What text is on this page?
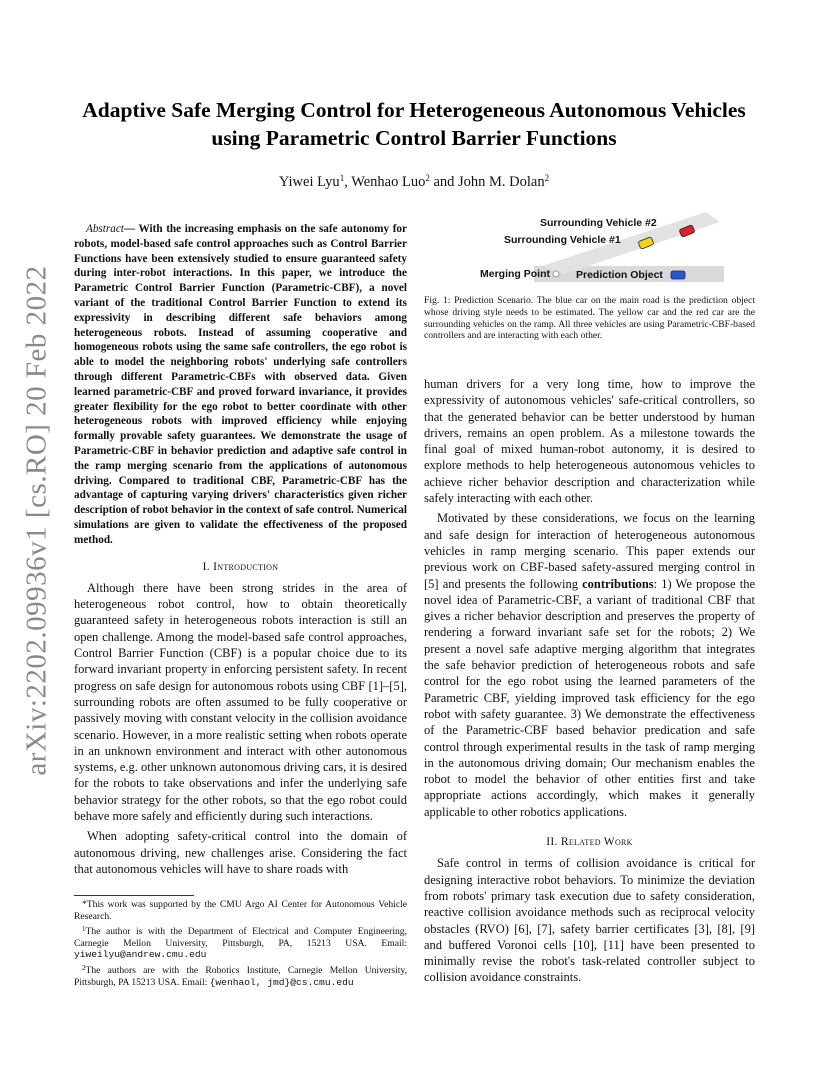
arXiv:2202.09936v1 [cs.RO] 20 Feb 2022
Adaptive Safe Merging Control for Heterogeneous Autonomous Vehicles
using Parametric Control Barrier Functions
Yiwei Lyu$^1$, Wenhao Luo$^2$ and John M. Dolan$^2$

Abstract— With the increasing emphasis on the safe autonomy for robots, model-based safe control approaches such as Control Barrier Functions have been extensively studied to ensure guaranteed safety during inter-robot interactions. In this paper, we introduce the Parametric Control Barrier Function (Parametric-CBF), a novel variant of the traditional Control Barrier Function to extend its expressivity in describing different safe behaviors among heterogeneous robots. Instead of assuming cooperative and homogeneous robots using the same safe controllers, the ego robot is able to model the neighboring robots' underlying safe controllers through different Parametric-CBFs with observed data. Given learned parametric-CBF and proved forward invariance, it provides greater flexibility for the ego robot to better coordinate with other heterogeneous robots with improved efficiency while enjoying formally provable safety guarantees. We demonstrate the usage of Parametric-CBF in behavior prediction and adaptive safe control in the ramp merging scenario from the applications of autonomous driving. Compared to traditional CBF, Parametric-CBF has the advantage of capturing varying drivers' characteristics given richer description of robot behavior in the context of safe control. Numerical simulations are given to validate the effectiveness of the proposed method.

I. Introduction

Although there have been strong strides in the area of heterogeneous robot control, how to obtain theoretically guaranteed safety in heterogeneous robots interaction is still an open challenge. Among the model-based safe control approaches, Control Barrier Function (CBF) is a popular choice due to its forward invariant property in enforcing persistent safety. In recent progress on safe design for autonomous robots using CBF [1]–[5], surrounding robots are often assumed to be fully cooperative or passively moving with constant velocity in the collision avoidance scenario. However, in a more realistic setting when robots operate in an unknown environment and interact with other autonomous systems, e.g. other unknown autonomous driving cars, it is desired for the robots to take observations and infer the underlying safe behavior strategy for the other robots, so that the ego robot could behave more safely and efficiently during such interactions.

When adopting safety-critical control into the domain of autonomous driving, new challenges arise. Considering the fact that autonomous vehicles will have to share roads with

*This work was supported by the CMU Argo AI Center for Autonomous Vehicle Research.

$^1$The author is with the Department of Electrical and Computer Engineering, Carnegie Mellon University, Pittsburgh, PA, 15213 USA. Email: yiweilyu@andrew.cmu.edu

$^2$The authors are with the Robotics Institute, Carnegie Mellon University, Pittsburgh, PA 15213 USA. Email: {wenhaol, jmd}@cs.cmu.edu

Surrounding Vehicle #2
Surrounding Vehicle #1
Merging Point Prediction Object
Fig. 1: Prediction Scenario. The blue car on the main road is the prediction object whose driving style needs to be estimated. The yellow car and the red car are the surrounding vehicles on the ramp. All three vehicles are using Parametric-CBF-based controllers and are interacting with each other.

human drivers for a very long time, how to improve the expressivity of autonomous vehicles' safe-critical controllers, so that the generated behavior can be better understood by human drivers, remains an open problem. As a milestone towards the final goal of mixed human-robot autonomy, it is desired to explore methods to help heterogeneous autonomous vehicles to achieve richer behavior description and characterization while safely interacting with each other.

Motivated by these considerations, we focus on the learning and safe design for interaction of heterogeneous autonomous vehicles in ramp merging scenario. This paper extends our previous work on CBF-based safety-assured merging control in [5] and presents the following contributions: 1) We propose the novel idea of Parametric-CBF, a variant of traditional CBF that gives a richer behavior description and preserves the property of rendering a forward invariant safe set for the robots; 2) We present a novel safe adaptive merging algorithm that integrates the safe behavior prediction of heterogeneous robots and safe control for the ego robot using the learned parameters of the Parametric CBF, yielding improved task efficiency for the ego robot with safety guarantee. 3) We demonstrate the effectiveness of the Parametric-CBF based behavior predication and safe control through experimental results in the task of ramp merging in the autonomous driving domain; Our mechanism enables the robot to model the behavior of other entities first and take appropriate actions accordingly, which makes it generally applicable to other robotics applications.

II. Related Work

Safe control in terms of collision avoidance is critical for designing interactive robot behaviors. To minimize the deviation from robots' primary task execution due to safety consideration, reactive collision avoidance methods such as reciprocal velocity obstacles (RVO) [6], [7], safety barrier certificates [3], [8], [9] and buffered Voronoi cells [10], [11] have been presented to minimally revise the robot's task-related controller subject to collision avoidance constraints.
